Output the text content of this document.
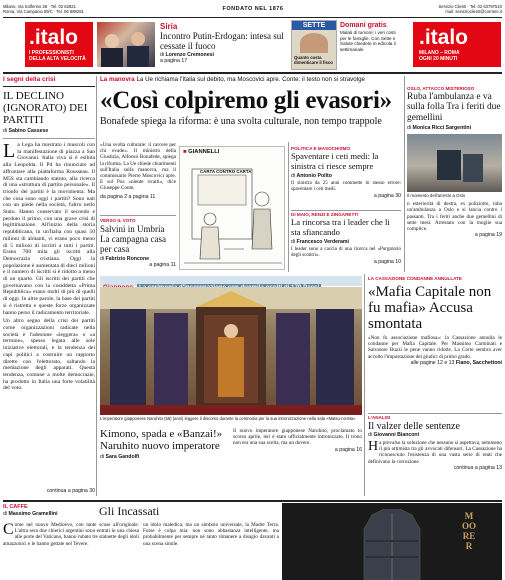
Milano, Via Solferino 28 · Tel. 02 62821
Roma, Via Campania 59/C · Tel. 06 688281	FONDATO NEL 1876	Servizio Clienti · Tel. 02 63797510
mail: servizioclienti@corriere.it
.italo
I PROFESSIONISTI
DELLA ALTA VELOCITÀ
Siria
Incontro Putin-Erdogan: intesa sul cessate il fuoco
di Lorenzo Cremonesi
a pagina 17
SETTE
Quanto costa dimenticare il fisco
Domani gratis
Malati di tumore: i veri costi per le famiglie. Con Sette e Salute chiedete in edicola il settimanale
.italo
MILANO – ROMA
OGNI 20 MINUTI
I segni della crisi
IL DECLINO (IGNORATO) DEI PARTITI
di Sabino Cassese
La Lega ha mostrato i muscoli con la manifestazione di piazza a San Giovanni. Italia viva si è esibita alla Leopolda. Il Pd ha rinunciato ad affrontare alla piattaforma Rousseau. Il M5S sta cambiando statuto, alla ricerca di una «struttura di partito personale». Il trionfo dei partiti è la movimenta. Ma che cosa sono oggi i partiti? Sono nati con un piede nella società, l'altro nello Stato. Hanno conservato il secondo e perduto il primo, con una grave crisi di legittimazione. All'inizio della storia repubblicana, in un'Italia con quasi 50 milioni di abitanti, vi erano poco meno di 5 milioni di iscritti a tutti i partiti. Erano 700 mila gli iscritti alla Democrazia cristiana. Oggi la popolazione è aumentata di dieci milioni e il numero di iscritti si è ridotto a meno di un quarto. Gli iscritti dei partiti che governavano con la cosiddetta «Prima Repubblica» erano molti di più di quelli di oggi. In altre parole, la base dei partiti si è ristretta e queste forze organizzate hanno perso il radicamento territoriale.
Un altro segno della crisi dei partiti come organizzazioni radicate nella società è l'adesione «leggera» o «a termine», spesso legata alle sole iniziative elettorali, e la tendenza dei capi politici a costruire un rapporto diretto con l'elettorato, saltando la mediazione degli apparati. Questa tendenza, comune a molte democrazie, ha prodotto in Italia una forte volatilità del voto.
continua a pagina 30
La manovra La Ue richiama l'Italia sul debito, ma Moscovici apre. Conte: il testo non si stravolge
«Così colpiremo gli evasori»
Bonafede spiega la riforma: è una svolta culturale, non tempo trappole
«Una svolta culturale: il carcere per chi evade». Il ministro della Giustizia, Alfonso Bonafede, spiega la riforma. La Ue chiede chiarimenti sull'Italia sulla manovra, ma il commissario Pierre Moscovici apre. E sul Pos «niente ricatti», dice Giuseppe Conte.
da pagina 2 a pagina 11
VERSO IL VOTO
Salvini in Umbria La campagna casa per casa
di Fabrizio Roncone
a pagina 11
■ GIANNELLI
CARTA CONTRO CARTA
POLITICA E MASOCHISMO
Spaventare i ceti medi: la sinistra ci riesce sempre
di Antonio Polito
Il sinistra da 25 anni commette lo stesso errore: spaventare i ceti medi.
a pagina 30
DI MAIO, RENZI E ZINGARETTI
La rincorsa tra i leader che li sta sfiancando
di Francesco Verderami
I leader sono a caccia di una ricerca nel «Purgatorio degli scontri».
a pagina 10
OSLO, ATTACCO MISTERIOSO
Ruba l'ambulanza e va sulla folla Tra i feriti due gemellini
di Monica Ricci Sargentini
Il momento dell'arresto a Oslo
n esteriorità di destra, ex poliziotto, ruba un'ambulanza a Oslo e si lancia contro i passanti. Tra i feriti anche due gemellini di sette mesi. Arrestato con la moglie sua complice.
a pagina 19
L'imperatore giapponese Naruhito (59) (anni) leggere il discorso durante la cerimonia per la sua intronizzazione nella sala «Matsu-no-Ma»
Kimono, spada e «Banzai!» Naruhito nuovo imperatore
di Sara Gandolfi
Il nuovo imperatore giapponese Naruhito, proclamato lo scorso aprile, ieri è stato ufficialmente intronizzato. Il trono non era una sua scelta, ma un dovere.
a pagina 16
LA CASSAZIONE CONDANNE ANNULLATE
«Mafia Capitale non fu mafia» Accusa smontata
«Non fu associazione mafiosa»: la Cassazione annulla le condanne per Mafia Capitale. Per Massimo Carminati e Salvatore Buzzi le pene vanno ridotte. La Corte sembra aver accolto l'impostazione dei giudici di primo grado.
alle pagine 12 e 13 Fiano, Sacchettoni
L'ANALISI
Il valzer delle sentenze
di Giovanni Bianconi
Ha prevalso la soluzione che nessuno si aspettava, nemmeno il più ottimista tra gli avvocati difensori. La Cassazione ha riconosciuto l'esistenza di una vasta serie di reati che definivano la corruzione.
continua a pagina 13
IL CAFFÈ
di Massimo Gramellini	Gli Incassati
Come nel nuovo Medioevo, con tante scuse all'originale. L'altra sera due chierici argentini sono entrati in una chiesa alle porte del Vaticano, hanno rubato tre statuette degli idoli amazzonici e le hanno gettate nel Tevere.
un idolo maledica, ma un simbolo universale, la Madre Terra. Forse è colpa mia: non sono abbastanza intelligente, ma probabilmente per sempre né tanto rimanere a disagio davanti a una scena simile.
MOORER
